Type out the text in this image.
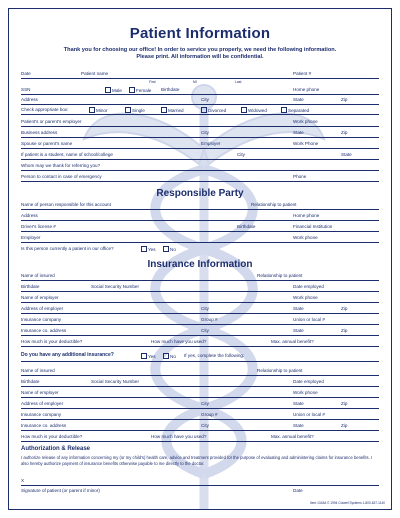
Patient Information
Thank you for choosing our office! In order to service you properly, we need the following information.
Please print. All information will be confidential.
Date	Patient name	Patient #
First	MI	Last
SSN	Male	Female Birthdate	Home phone
Address	City	State	Zip
Check appropriate box:	Minor	Single	Married	Divorced	Widowed	Separated
Patient's or parent's employer	Work phone
Business address	City	State	Zip
Spouse or parent's name	Employer	Work Phone
If patient is a student, name of school/college	City	State
Whom may we thank for referring you?
Person to contact in case of emergency	Phone
Responsible Party
Name of person responsible for this account	Relationship to patient
Address	Home phone
Driver's license #	Birthdate	Financial Institution
Employer	Work phone
Is this person currently a patient in our office?	Yes	No
Insurance Information
Name of insured	Relationship to patient
Birthdate	Social Security Number	Date employed
Name of employer	Work phone
Address of employer	City	State	Zip
Insurance company	Group #	Union or local #
Insurance co. address	City	State	Zip
How much is your deductible?	How much have you used?	Max. annual benefit?
Do you have any additional insurance?	Yes	No If yes, complete the following:
Name of insured	Relationship to patient
Birthdate	Social Security Number	Date employed
Name of employer	Work phone
Address of employer	City	State	Zip
Insurance company	Group #	Union or local #
Insurance co. address	City	State	Zip
How much is your deductible?	How much have you used?	Max. annual benefit?
Authorization & Release
I authorize release of any information concerning my (or my child's) health care, advice and treatment provided for the purpose of evaluating and administering claims for insurance benefits. I also hereby authorize payment of insurance benefits otherwise payable to me directly to the doctor.
X
Signature of patient (or parent if minor)	Date
Item 1343A © 1994 Colwell Systems 1-800-637-1140
